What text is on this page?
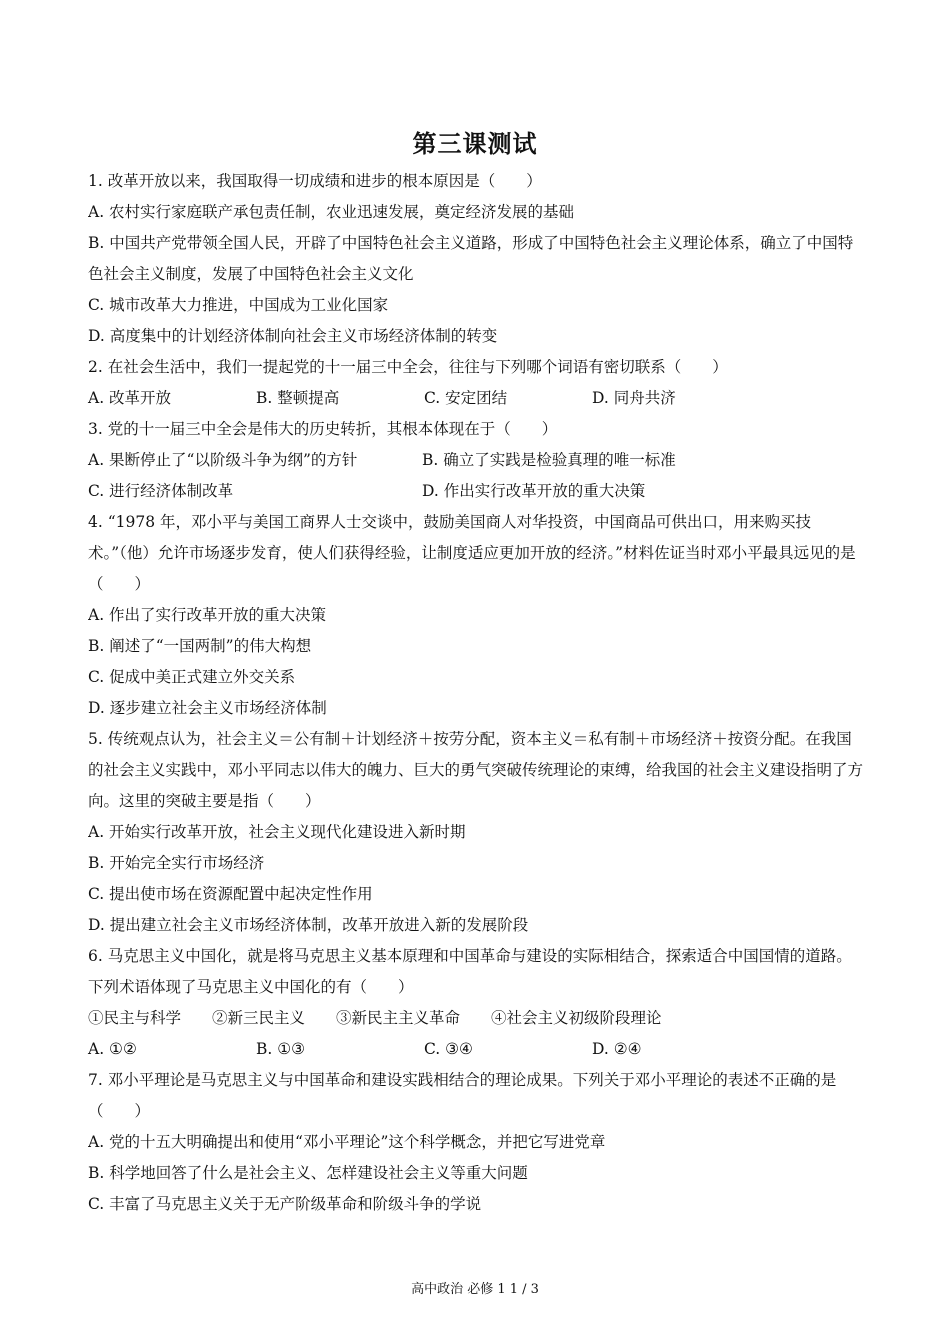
第三课测试
1. 改革开放以来，我国取得一切成绩和进步的根本原因是（　　）
A. 农村实行家庭联产承包责任制，农业迅速发展，奠定经济发展的基础
B. 中国共产党带领全国人民，开辟了中国特色社会主义道路，形成了中国特色社会主义理论体系，确立了中国特色社会主义制度，发展了中国特色社会主义文化
C. 城市改革大力推进，中国成为工业化国家
D. 高度集中的计划经济体制向社会主义市场经济体制的转变
2. 在社会生活中，我们一提起党的十一届三中全会，往往与下列哪个词语有密切联系（　　）
A. 改革开放	B. 整顿提高	C. 安定团结	D. 同舟共济
3. 党的十一届三中全会是伟大的历史转折，其根本体现在于（　　）
A. 果断停止了“以阶级斗争为纲”的方针	B. 确立了实践是检验真理的唯一标准
C. 进行经济体制改革	D. 作出实行改革开放的重大决策
4. “1978 年，邓小平与美国工商界人士交谈中，鼓励美国商人对华投资，中国商品可供出口，用来购买技术。”（他）允许市场逐步发育，使人们获得经验，让制度适应更加开放的经济。”材料佐证当时邓小平最具远见的是（　　）
A. 作出了实行改革开放的重大决策
B. 阐述了“一国两制”的伟大构想
C. 促成中美正式建立外交关系
D. 逐步建立社会主义市场经济体制
5. 传统观点认为，社会主义＝公有制＋计划经济＋按劳分配，资本主义＝私有制＋市场经济＋按资分配。在我国的社会主义实践中，邓小平同志以伟大的魄力、巨大的勇气突破传统理论的束缚，给我国的社会主义建设指明了方向。这里的突破主要是指（　　）
A. 开始实行改革开放，社会主义现代化建设进入新时期
B. 开始完全实行市场经济
C. 提出使市场在资源配置中起决定性作用
D. 提出建立社会主义市场经济体制，改革开放进入新的发展阶段
6. 马克思主义中国化，就是将马克思主义基本原理和中国革命与建设的实际相结合，探索适合中国国情的道路。下列术语体现了马克思主义中国化的有（　　）
①民主与科学　　②新三民主义　　③新民主主义革命　　④社会主义初级阶段理论
A. ①②	B. ①③	C. ③④	D. ②④
7. 邓小平理论是马克思主义与中国革命和建设实践相结合的理论成果。下列关于邓小平理论的表述不正确的是（　　）
A. 党的十五大明确提出和使用“邓小平理论”这个科学概念，并把它写进党章
B. 科学地回答了什么是社会主义、怎样建设社会主义等重大问题
C. 丰富了马克思主义关于无产阶级革命和阶级斗争的学说
高中政治 必修 1 1 / 3
